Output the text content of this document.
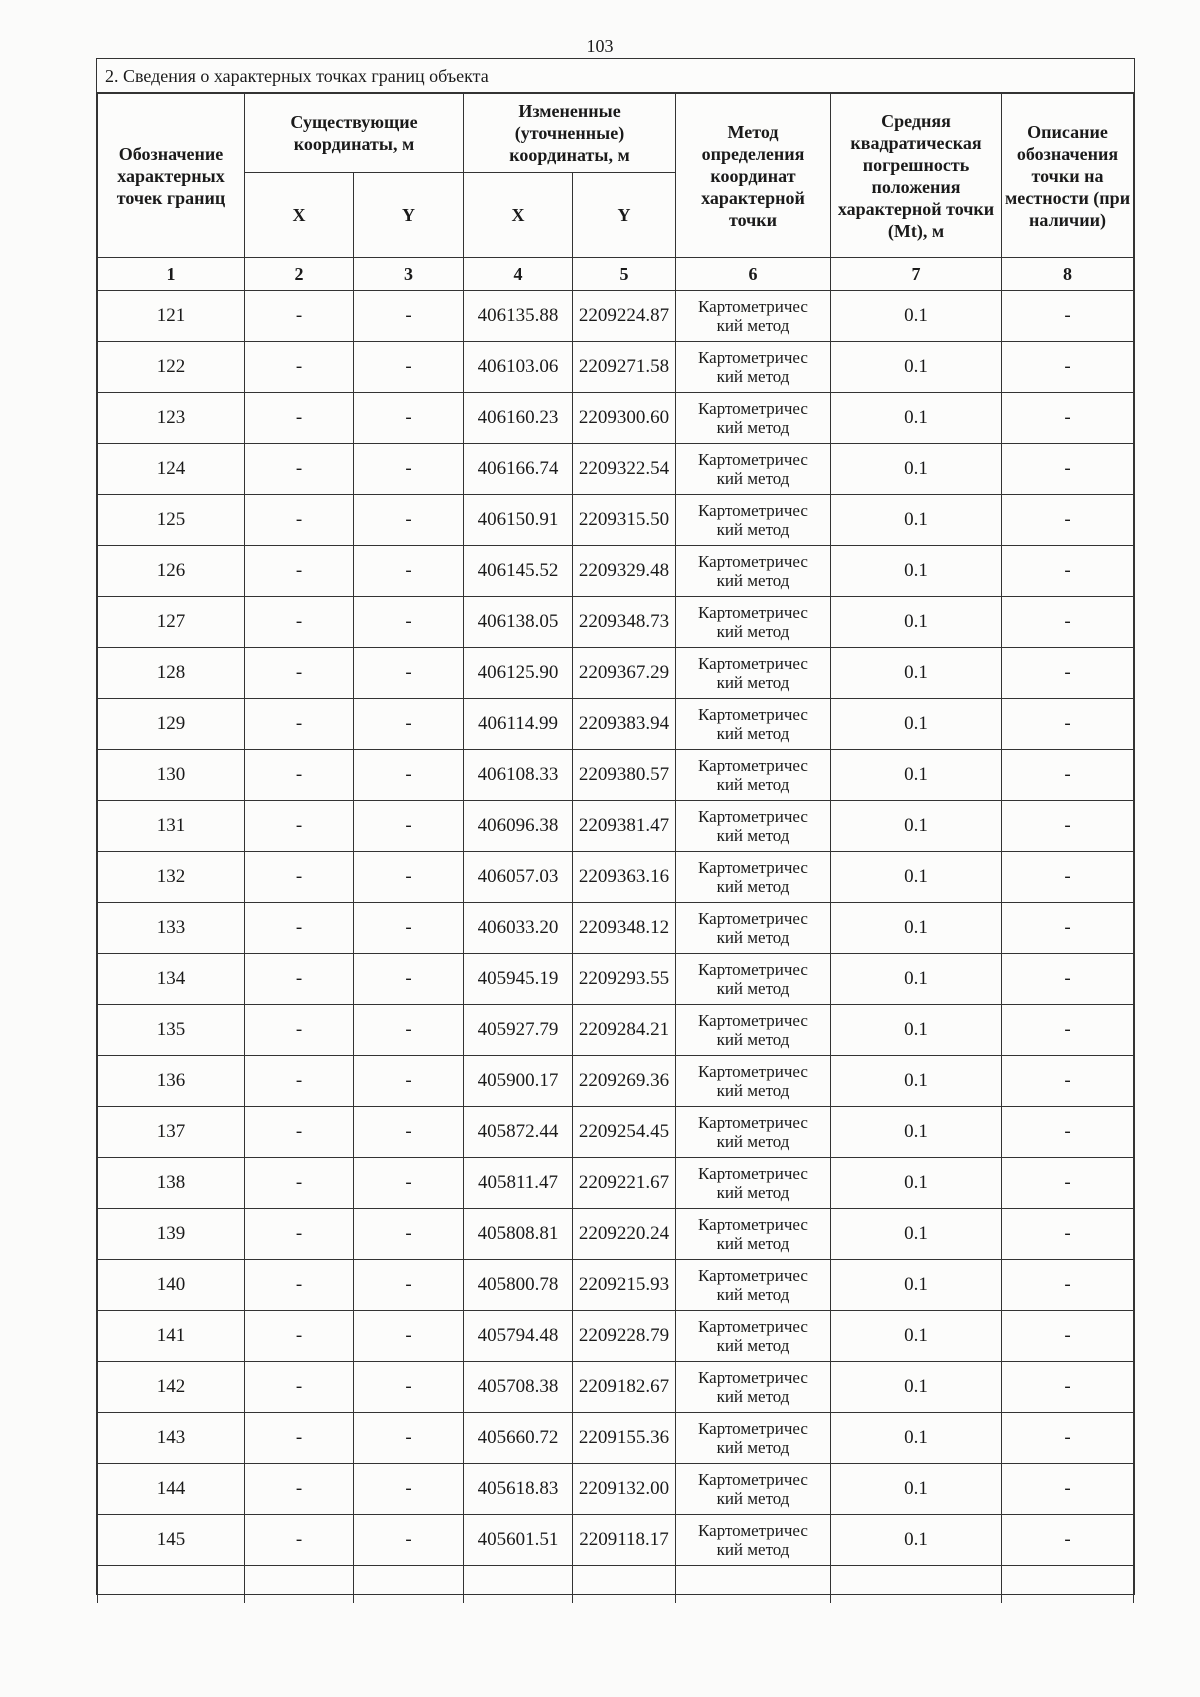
103
2. Сведения о характерных точках границ объекта
Обозначение характерных точек границ	Существующие координаты, м		Измененные (уточненные) координаты, м		Метод определения координат характерной точки	Средняя квадратическая погрешность положения характерной точки (Mt), м	Описание обозначения точки на местности (при наличии)
	X	Y	X	Y			
1	2	3	4	5	6	7	8
121	-	-	406135.88	2209224.87	Картометричес
кий метод	0.1	-
122	-	-	406103.06	2209271.58	Картометричес
кий метод	0.1	-
123	-	-	406160.23	2209300.60	Картометричес
кий метод	0.1	-
124	-	-	406166.74	2209322.54	Картометричес
кий метод	0.1	-
125	-	-	406150.91	2209315.50	Картометричес
кий метод	0.1	-
126	-	-	406145.52	2209329.48	Картометричес
кий метод	0.1	-
127	-	-	406138.05	2209348.73	Картометричес
кий метод	0.1	-
128	-	-	406125.90	2209367.29	Картометричес
кий метод	0.1	-
129	-	-	406114.99	2209383.94	Картометричес
кий метод	0.1	-
130	-	-	406108.33	2209380.57	Картометричес
кий метод	0.1	-
131	-	-	406096.38	2209381.47	Картометричес
кий метод	0.1	-
132	-	-	406057.03	2209363.16	Картометричес
кий метод	0.1	-
133	-	-	406033.20	2209348.12	Картометричес
кий метод	0.1	-
134	-	-	405945.19	2209293.55	Картометричес
кий метод	0.1	-
135	-	-	405927.79	2209284.21	Картометричес
кий метод	0.1	-
136	-	-	405900.17	2209269.36	Картометричес
кий метод	0.1	-
137	-	-	405872.44	2209254.45	Картометричес
кий метод	0.1	-
138	-	-	405811.47	2209221.67	Картометричес
кий метод	0.1	-
139	-	-	405808.81	2209220.24	Картометричес
кий метод	0.1	-
140	-	-	405800.78	2209215.93	Картометричес
кий метод	0.1	-
141	-	-	405794.48	2209228.79	Картометричес
кий метод	0.1	-
142	-	-	405708.38	2209182.67	Картометричес
кий метод	0.1	-
143	-	-	405660.72	2209155.36	Картометричес
кий метод	0.1	-
144	-	-	405618.83	2209132.00	Картометричес
кий метод	0.1	-
145	-	-	405601.51	2209118.17	Картометричес
кий метод	0.1	-
